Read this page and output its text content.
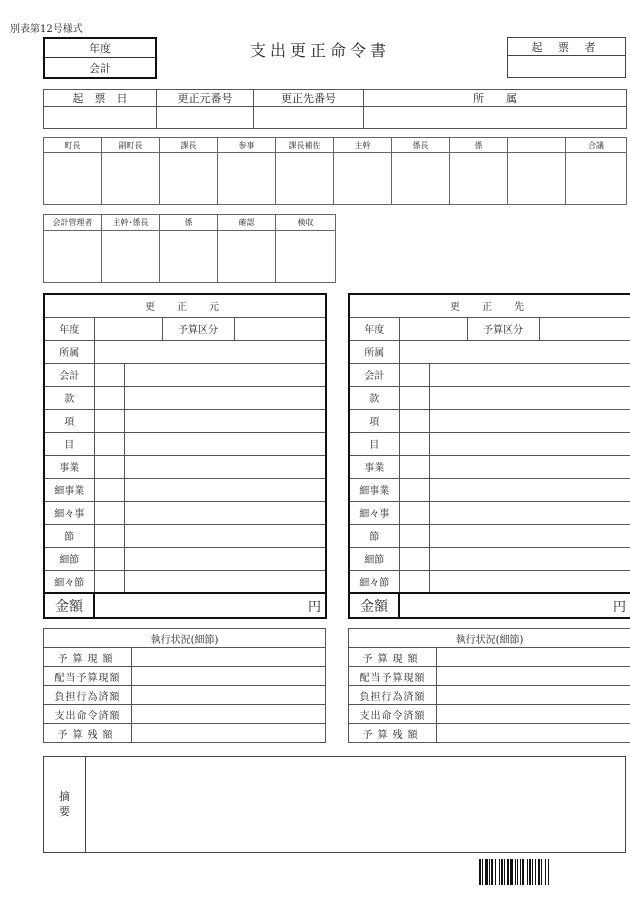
別表第12号様式
年度
会計
支出更正命令書	起 票 者
起　票　日	更正元番号	更正先番号	所　　属

町長	副町長	課長	参事	課長補佐	主幹	係長	係		合議

会計管理者	主幹･係長	係	確認	検収

更　正　元				
年度			予算区分	
所属				
会計				
款				
項				
目				
事業				
細事業				
細々事				
節				
細節				
細々節				
金額	円			
更　正　先				
年度			予算区分	
所属				
会計				
款				
項				
目				
事業				
細事業				
細々事				
節				
細節				
細々節				
金額	円			
執行状況(細節)	
予算現額	
配当予算現額	
負担行為済額	
支出命令済額	
予算残額	
執行状況(細節)	
予算現額	
配当予算現額	
負担行為済額	
支出命令済額	
予算残額	
摘
要
